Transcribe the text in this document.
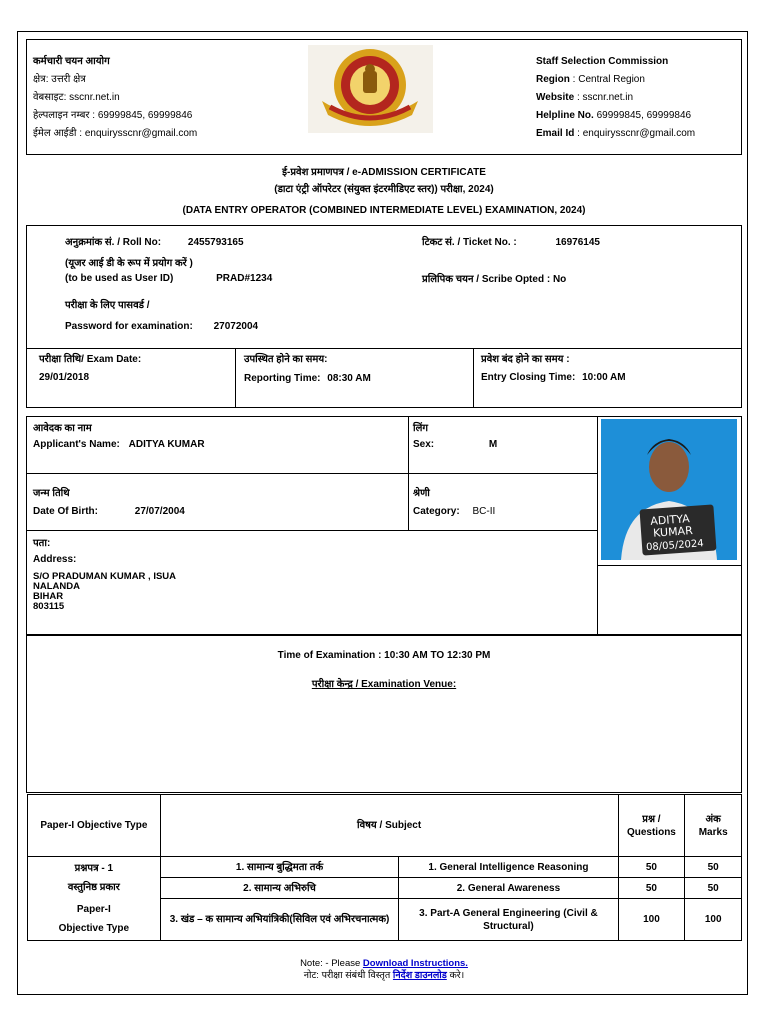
कर्मचारी चयन आयोग
क्षेत्र: उत्तरी क्षेत्र
वेबसाइट: sscnr.net.in
हेल्पलाइन नम्बर : 69999845, 69999846
ईमेल आईडी : enquirysscnr@gmail.com
Staff Selection Commission
Region : Central Region
Website : sscnr.net.in
Helpline No. 69999845, 69999846
Email Id : enquirysscnr@gmail.com
ई-प्रवेश प्रमाणपत्र / e-ADMISSION CERTIFICATE
(डाटा एंट्री ऑपरेटर (संयुक्त इंटरमीडिएट स्तर)) परीक्षा, 2024)
(DATA ENTRY OPERATOR (COMBINED INTERMEDIATE LEVEL) EXAMINATION, 2024)
अनुक्रमांक सं. / Roll No:	2455793165	टिकट सं. / Ticket No. :	16976145
(यूजर आई डी के रूप में प्रयोग करें )
(to be used as User ID)	PRAD#1234	प्रलिपिक चयन / Scribe Opted : No
परीक्षा के लिए पासवर्ड /
Password for examination: 27072004
परीक्षा तिथि/ Exam Date:
29/01/2018
उपस्थित होने का समय:
Reporting Time: 08:30 AM
प्रवेश बंद होने का समय :
Entry Closing Time: 10:00 AM
आवेदक का नाम
Applicant's Name: ADITYA KUMAR
लिंग
Sex:	M
जन्म तिथि
Date Of Birth:	27/07/2004
श्रेणी
Category: BC-II
पता:
Address:
S/O PRADUMAN KUMAR , ISUA
NALANDA
BIHAR
803115
ADITYA
KUMAR
08/05/2024
Time of Examination : 10:30 AM TO 12:30 PM
परीक्षा केन्द्र / Examination Venue:
Paper-I Objective Type	विषय / Subject		प्रश्न / Questions	अंक
Marks

प्रश्नपत्र - 1
वस्तुनिष्ठ प्रकार
Paper-I
Objective Type	1. सामान्य बुद्धिमता तर्क	1. General Intelligence Reasoning	50	50
	2. सामान्य अभिरुचि	2. General Awareness	50	50
	3. खंड – क सामान्य अभियांत्रिकी(सिविल एवं अभिरचनात्मक)	3. Part-A General Engineering (Civil & Structural)	100	100
Note: - Please Download Instructions.
नोट: परीक्षा संबंधी विस्तृत निर्देश डाउनलोड करे।
